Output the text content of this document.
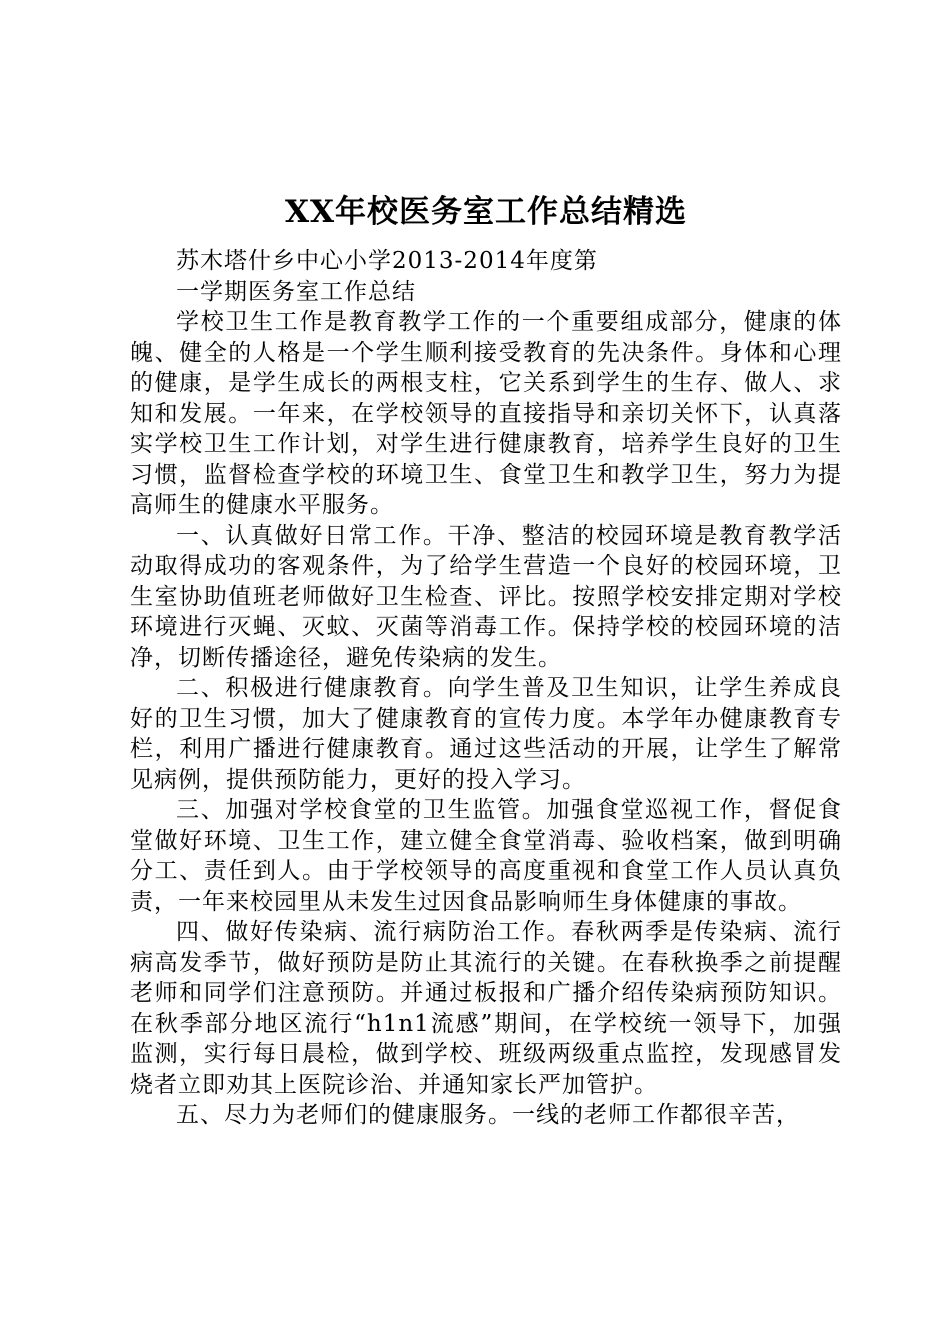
XX年校医务室工作总结精选

苏木塔什乡中心小学2013-2014年度第

一学期医务室工作总结

学校卫生工作是教育教学工作的一个重要组成部分，健康的体魄、健全的人格是一个学生顺利接受教育的先决条件。身体和心理的健康，是学生成长的两根支柱，它关系到学生的生存、做人、求知和发展。一年来，在学校领导的直接指导和亲切关怀下，认真落实学校卫生工作计划，对学生进行健康教育，培养学生良好的卫生习惯，监督检查学校的环境卫生、食堂卫生和教学卫生，努力为提高师生的健康水平服务。

一、认真做好日常工作。干净、整洁的校园环境是教育教学活动取得成功的客观条件，为了给学生营造一个良好的校园环境，卫生室协助值班老师做好卫生检查、评比。按照学校安排定期对学校环境进行灭蝇、灭蚊、灭菌等消毒工作。保持学校的校园环境的洁净，切断传播途径，避免传染病的发生。

二、积极进行健康教育。向学生普及卫生知识，让学生养成良好的卫生习惯，加大了健康教育的宣传力度。本学年办健康教育专栏，利用广播进行健康教育。通过这些活动的开展，让学生了解常见病例，提供预防能力，更好的投入学习。

三、加强对学校食堂的卫生监管。加强食堂巡视工作，督促食堂做好环境、卫生工作，建立健全食堂消毒、验收档案，做到明确分工、责任到人。由于学校领导的高度重视和食堂工作人员认真负责，一年来校园里从未发生过因食品影响师生身体健康的事故。

四、做好传染病、流行病防治工作。春秋两季是传染病、流行病高发季节，做好预防是防止其流行的关键。在春秋换季之前提醒老师和同学们注意预防。并通过板报和广播介绍传染病预防知识。在秋季部分地区流行“h1n1流感”期间，在学校统一领导下，加强监测，实行每日晨检，做到学校、班级两级重点监控，发现感冒发烧者立即劝其上医院诊治、并通知家长严加管护。

五、尽力为老师们的健康服务。一线的老师工作都很辛苦，
